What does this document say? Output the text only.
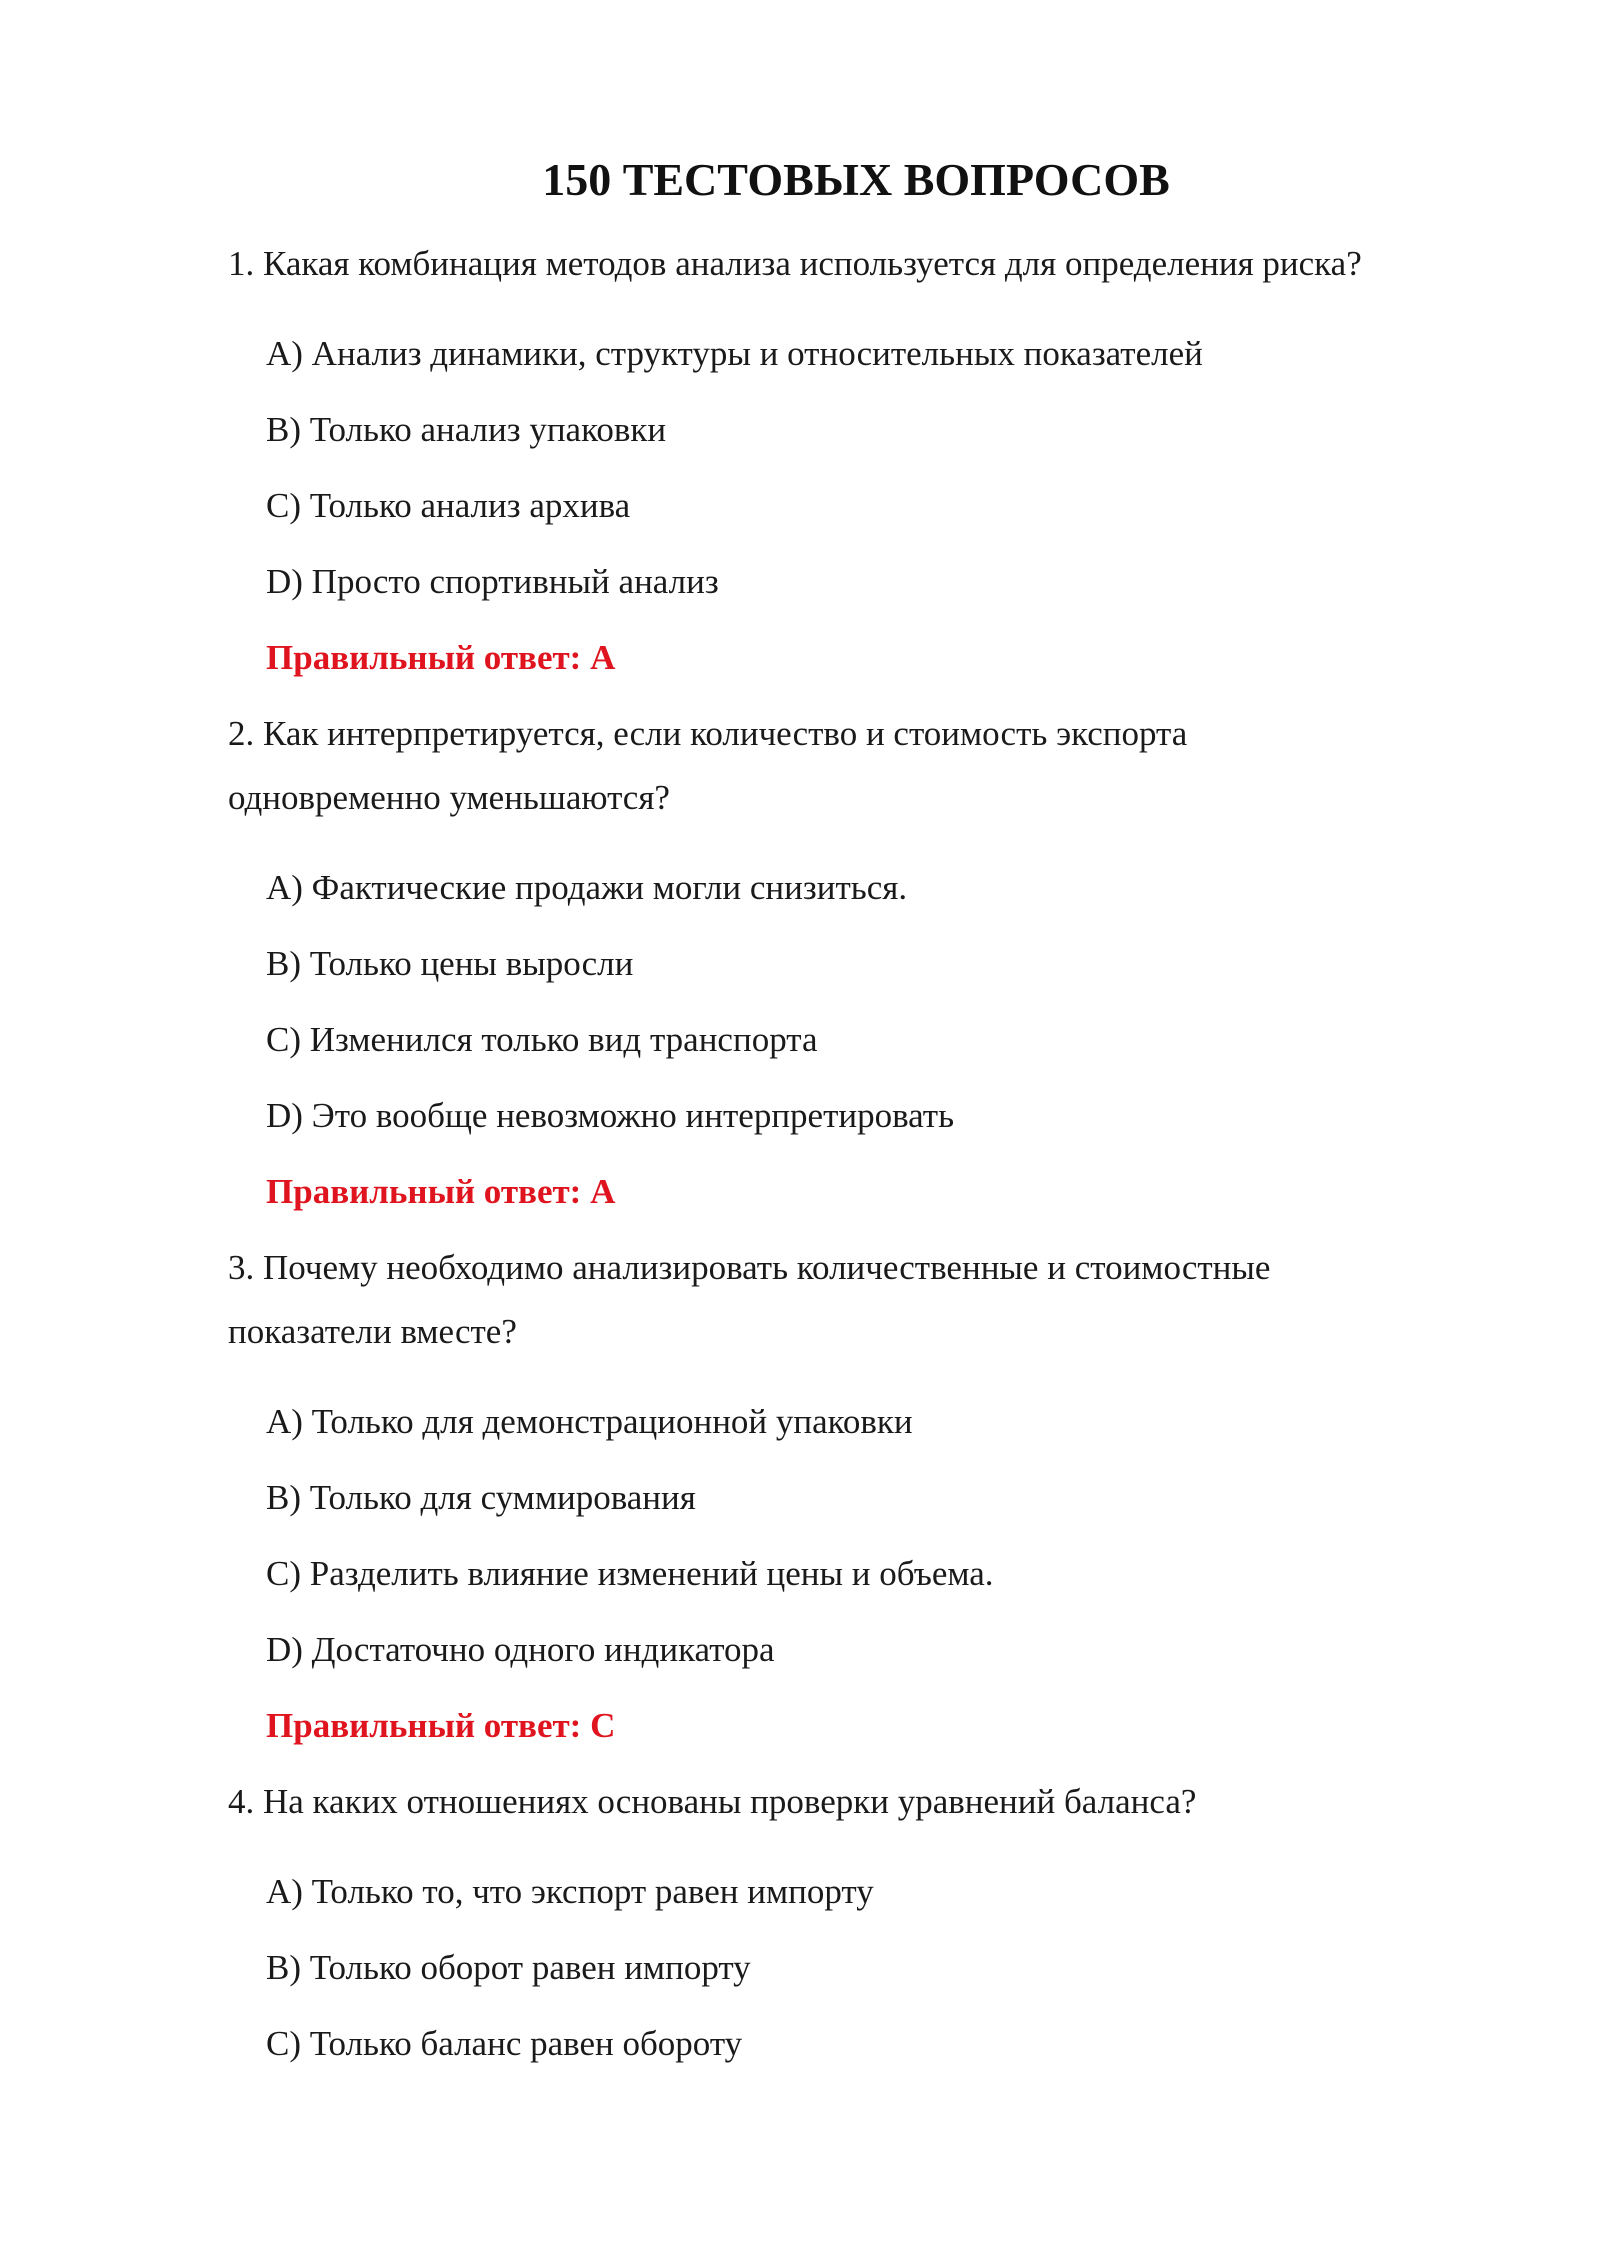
150 ТЕСТОВЫХ ВОПРОСОВ
1. Какая комбинация методов анализа используется для определения риска?
A) Анализ динамики, структуры и относительных показателей
B) Только анализ упаковки
C) Только анализ архива
D) Просто спортивный анализ
Правильный ответ: A
2. Как интерпретируется, если количество и стоимость экспорта
одновременно уменьшаются?
A) Фактические продажи могли снизиться.
B) Только цены выросли
C) Изменился только вид транспорта
D) Это вообще невозможно интерпретировать
Правильный ответ: A
3. Почему необходимо анализировать количественные и стоимостные
показатели вместе?
A) Только для демонстрационной упаковки
B) Только для суммирования
C) Разделить влияние изменений цены и объема.
D) Достаточно одного индикатора
Правильный ответ: C
4. На каких отношениях основаны проверки уравнений баланса?
A) Только то, что экспорт равен импорту
B) Только оборот равен импорту
C) Только баланс равен обороту
